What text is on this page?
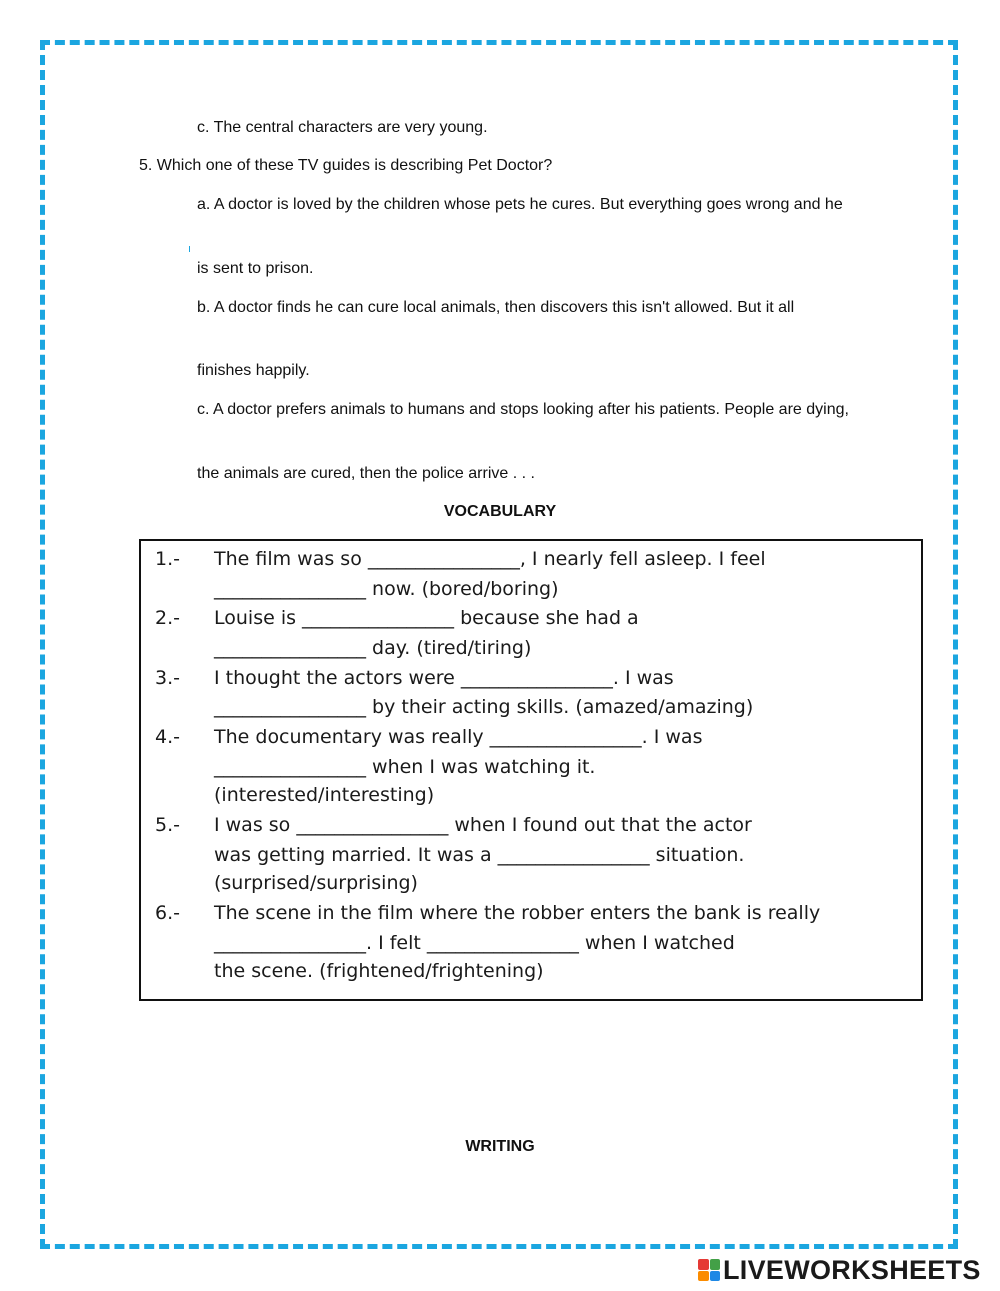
c. The central characters are very young.
5. Which one of these TV guides is describing Pet Doctor?
a. A doctor is loved by the children whose pets he cures. But everything goes wrong and he
is sent to prison.
b. A doctor finds he can cure local animals, then discovers this isn't allowed. But it all
finishes happily.
c. A doctor prefers animals to humans and stops looking after his patients. People are dying,
the animals are cured, then the police arrive . . .
VOCABULARY
1.- The film was so ________________, I nearly fell asleep. I feel
________________ now. (bored/boring)
2.- Louise is ________________ because she had a
________________ day. (tired/tiring)
3.- I thought the actors were ________________. I was
________________ by their acting skills. (amazed/amazing)
4.- The documentary was really ________________. I was
________________ when I was watching it.
(interested/interesting)
5.- I was so ________________ when I found out that the actor
was getting married. It was a ________________ situation.
(surprised/surprising)
6.- The scene in the film where the robber enters the bank is really
________________. I felt ________________ when I watched
the scene. (frightened/frightening)
WRITING
LIVEWORKSHEETS
